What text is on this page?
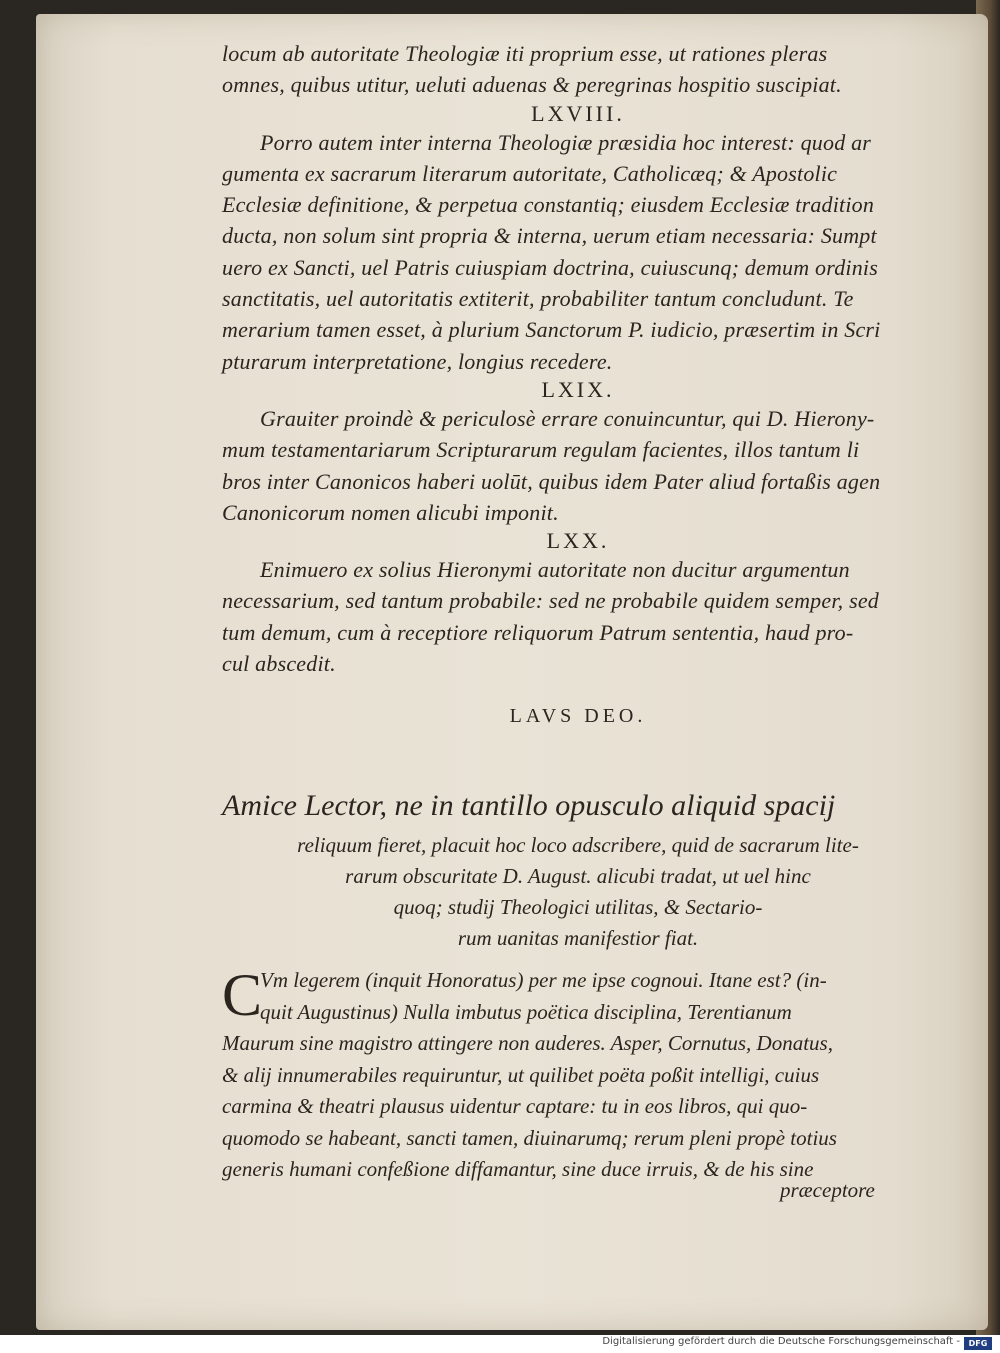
locum ab autoritate Theologiæ iti proprium esse, ut rationes pleras
omnes, quibus utitur, ueluti aduenas & peregrinas hospitio suscipiat.
LXVIII.
Porro autem inter interna Theologiæ præsidia hoc interest: quod ar
gumenta ex sacrarum literarum autoritate, Catholicæq; & Apostolic
Ecclesiæ definitione, & perpetua constantiq; eiusdem Ecclesiæ tradition
ducta, non solum sint propria & interna, uerum etiam necessaria: Sumpt
uero ex Sancti, uel Patris cuiuspiam doctrina, cuiuscunq; demum ordinis
sanctitatis, uel autoritatis extiterit, probabiliter tantum concludunt. Te
merarium tamen esset, à plurium Sanctorum P. iudicio, præsertim in Scri
pturarum interpretatione, longius recedere.
LXIX.
Grauiter proindè & periculosè errare conuincuntur, qui D. Hierony-
mum testamentariarum Scripturarum regulam facientes, illos tantum li
bros inter Canonicos haberi uolūt, quibus idem Pater aliud fortaßis agen
Canonicorum nomen alicubi imponit.
LXX.
Enimuero ex solius Hieronymi autoritate non ducitur argumentun
necessarium, sed tantum probabile: sed ne probabile quidem semper, sed
tum demum, cum à receptiore reliquorum Patrum sententia, haud pro-
cul abscedit.
LAVS DEO.
Amice Lector, ne in tantillo opusculo aliquid spacij
reliquum fieret, placuit hoc loco adscribere, quid de sacrarum lite-
rarum obscuritate D. August. alicubi tradat, ut uel hinc
quoq; studij Theologici utilitas, & Sectario-
rum uanitas manifestior fiat.
C
Vm legerem (inquit Honoratus) per me ipse cognoui. Itane est? (in-
quit Augustinus) Nulla imbutus poëtica disciplina, Terentianum
Maurum sine magistro attingere non auderes. Asper, Cornutus, Donatus,
& alij innumerabiles requiruntur, ut quilibet poëta poßit intelligi, cuius
carmina & theatri plausus uidentur captare: tu in eos libros, qui quo-
quomodo se habeant, sancti tamen, diuinarumq; rerum pleni propè totius
generis humani confeßione diffamantur, sine duce irruis, & de his sine
præceptore
Digitalisierung gefördert durch die Deutsche Forschungsgemeinschaft -	DFG
